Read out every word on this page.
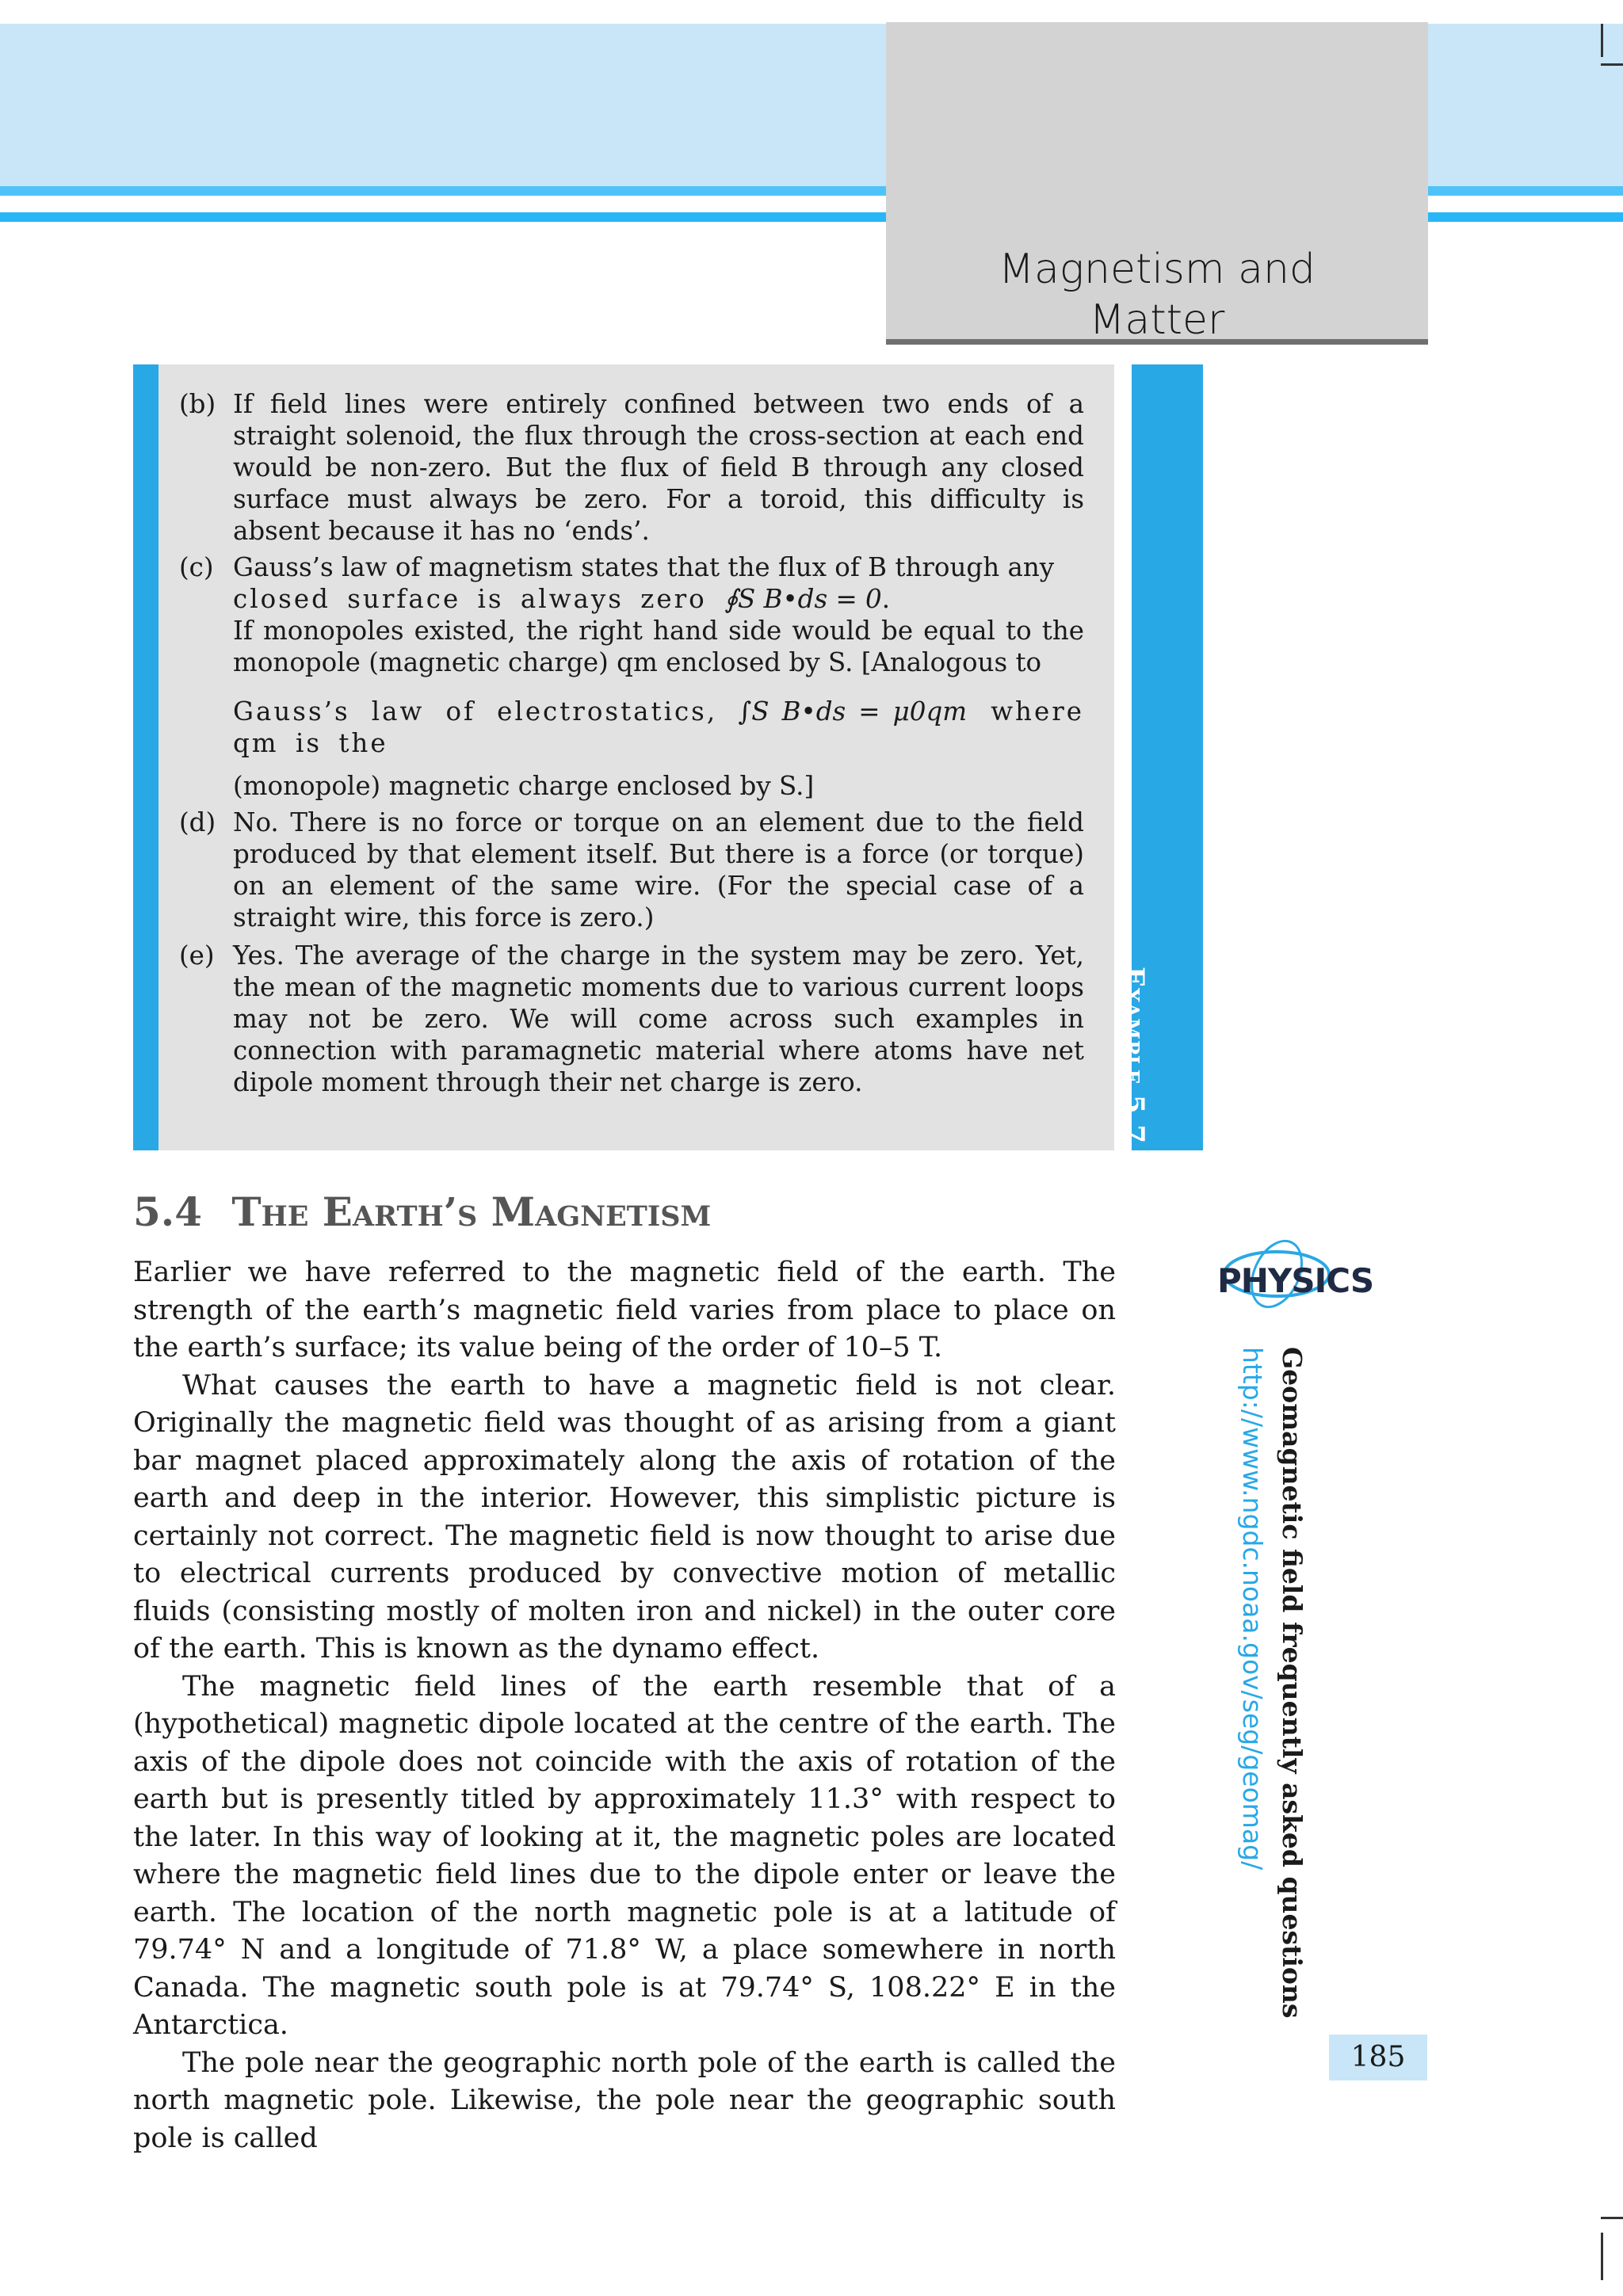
Magnetism and
Matter
Example 5.7
(b) If field lines were entirely confined between two ends of a straight solenoid, the flux through the cross-section at each end would be non-zero. But the flux of field B through any closed surface must always be zero. For a toroid, this difficulty is absent because it has no ‘ends’.

(c) Gauss’s law of magnetism states that the flux of B through any

closed surface is always zero ∮S B•ds = 0.

If monopoles existed, the right hand side would be equal to the monopole (magnetic charge) qm enclosed by S. [Analogous to

Gauss’s law of electrostatics, ∫S B•ds = μ0qm where qm is the

(monopole) magnetic charge enclosed by S.]

(d) No. There is no force or torque on an element due to the field produced by that element itself. But there is a force (or torque) on an element of the same wire. (For the special case of a straight wire, this force is zero.)

(e) Yes. The average of the charge in the system may be zero. Yet, the mean of the magnetic moments due to various current loops may not be zero. We will come across such examples in connection with paramagnetic material where atoms have net dipole moment through their net charge is zero.

5.4 The Earth’s Magnetism

Earlier we have referred to the magnetic field of the earth. The strength of the earth’s magnetic field varies from place to place on the earth’s surface; its value being of the order of 10–5 T.

What causes the earth to have a magnetic field is not clear. Originally the magnetic field was thought of as arising from a giant bar magnet placed approximately along the axis of rotation of the earth and deep in the interior. However, this simplistic picture is certainly not correct. The magnetic field is now thought to arise due to electrical currents produced by convective motion of metallic fluids (consisting mostly of molten iron and nickel) in the outer core of the earth. This is known as the dynamo effect.

The magnetic field lines of the earth resemble that of a (hypothetical) magnetic dipole located at the centre of the earth. The axis of the dipole does not coincide with the axis of rotation of the earth but is presently titled by approximately 11.3° with respect to the later. In this way of looking at it, the magnetic poles are located where the magnetic field lines due to the dipole enter or leave the earth. The location of the north magnetic pole is at a latitude of 79.74° N and a longitude of 71.8° W, a place somewhere in north Canada. The magnetic south pole is at 79.74° S, 108.22° E in the Antarctica.

The pole near the geographic north pole of the earth is called the north magnetic pole. Likewise, the pole near the geographic south pole is called

PHYSICS
Geomagnetic field frequently asked questions
http://www.ngdc.noaa.gov/seg/geomag/
185
